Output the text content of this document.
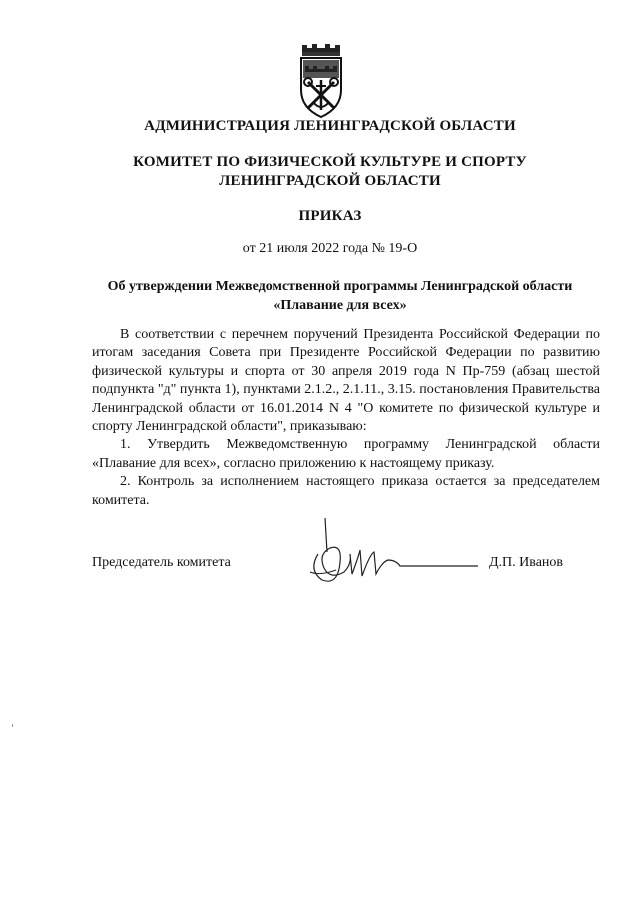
АДМИНИСТРАЦИЯ ЛЕНИНГРАДСКОЙ ОБЛАСТИ
КОМИТЕТ ПО ФИЗИЧЕСКОЙ КУЛЬТУРЕ И СПОРТУ
ЛЕНИНГРАДСКОЙ ОБЛАСТИ
ПРИКАЗ
от 21 июля 2022 года № 19-О
Об утверждении Межведомственной программы Ленинградской области
«Плавание для всех»

В соответствии с перечнем поручений Президента Российской Федерации по итогам заседания Совета при Президенте Российской Федерации по развитию физической культуры и спорта от 30 апреля 2019 года N Пр-759 (абзац шестой подпункта "д" пункта 1), пунктами 2.1.2., 2.1.11., 3.15. постановления Правительства Ленинградской области от 16.01.2014 N 4 "О комитете по физической культуре и спорту Ленинградской области", приказываю:

1. Утвердить Межведомственную программу Ленинградской области «Плавание для всех», согласно приложению к настоящему приказу.

2. Контроль за исполнением настоящего приказа остается за председателем комитета.

Председатель комитета	Д.П. Иванов
